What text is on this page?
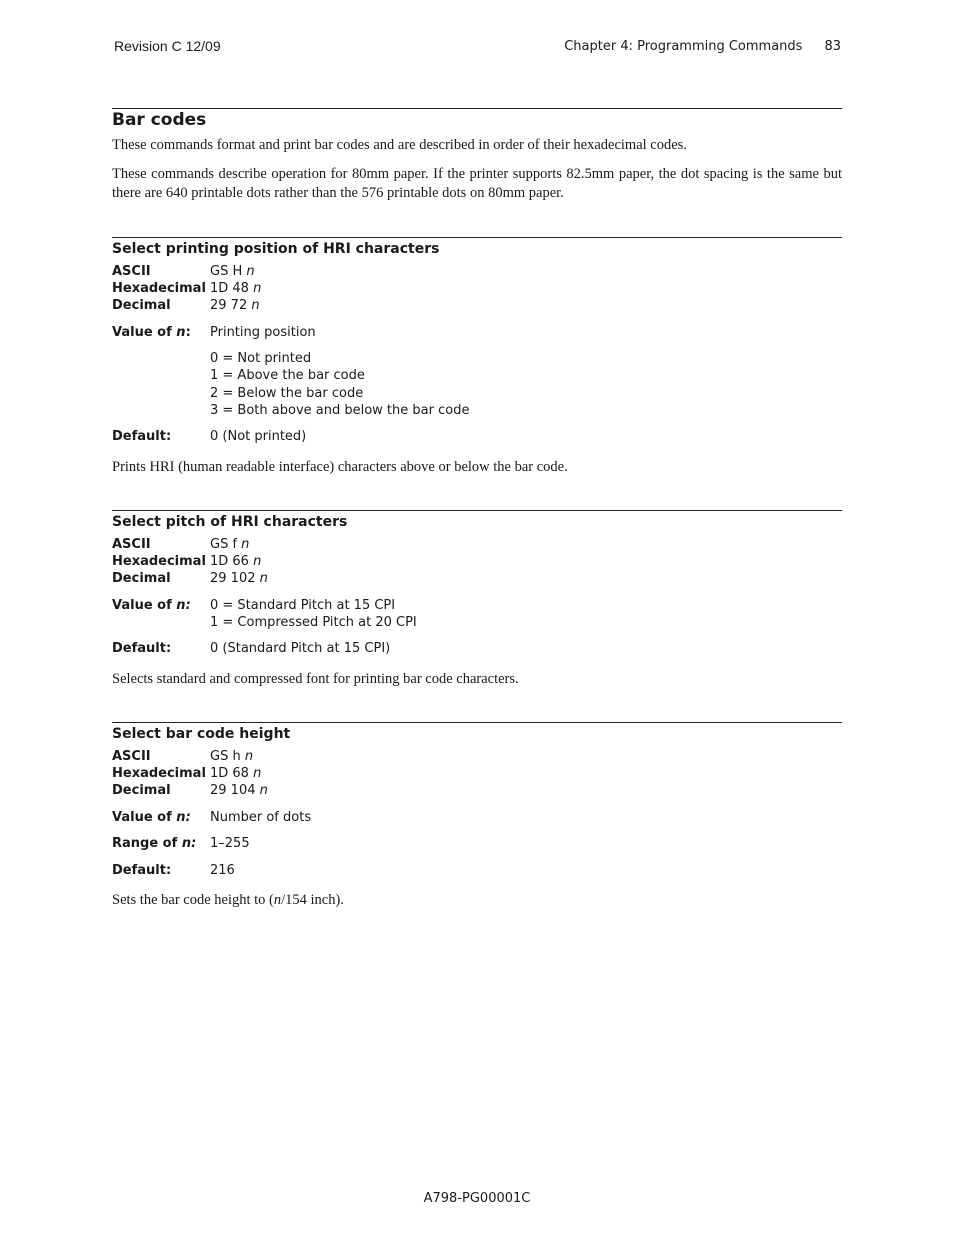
Revision C 12/09	Chapter 4: Programming Commands 83
Bar codes
These commands format and print bar codes and are described in order of their hexadecimal codes.
These commands describe operation for 80mm paper. If the printer supports 82.5mm paper, the dot spacing is the same but there are 640 printable dots rather than the 576 printable dots on 80mm paper.
Select printing position of HRI characters
ASCII	GS H n
Hexadecimal 1D 48 n
Decimal	29 72 n
Value of n: Printing position
0 = Not printed
1 = Above the bar code
2 = Below the bar code
3 = Both above and below the bar code
Default:	0 (Not printed)
Prints HRI (human readable interface) characters above or below the bar code.
Select pitch of HRI characters
ASCII	GS f n
Hexadecimal 1D 66 n
Decimal	29 102 n
Value of n: 0 = Standard Pitch at 15 CPI
1 = Compressed Pitch at 20 CPI
Default:	0 (Standard Pitch at 15 CPI)
Selects standard and compressed font for printing bar code characters.
Select bar code height
ASCII	GS h n
Hexadecimal 1D 68 n
Decimal	29 104 n
Value of n: Number of dots
Range of n: 1–255
Default:	216
Sets the bar code height to (n/154 inch).
A798-PG00001C
